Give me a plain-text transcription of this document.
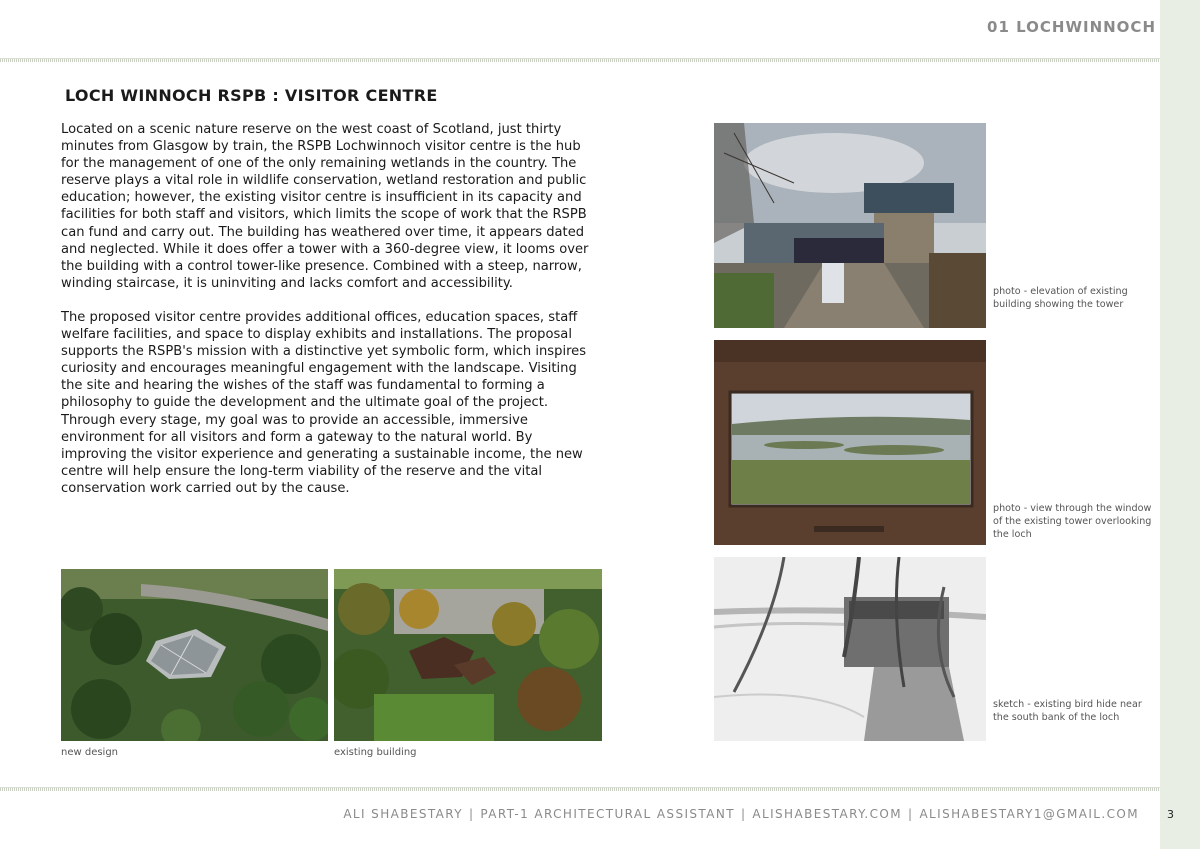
01 LOCHWINNOCH
LOCH WINNOCH RSPB : VISITOR CENTRE

Located on a scenic nature reserve on the west coast of Scotland, just thirty minutes from Glasgow by train, the RSPB Lochwinnoch visitor centre is the hub for the management of one of the only remaining wetlands in the country. The reserve plays a vital role in wildlife conservation, wetland restoration and public education; however, the existing visitor centre is insufficient in its capacity and facilities for both staff and visitors, which limits the scope of work that the RSPB can fund and carry out. The building has weathered over time, it appears dated and neglected. While it does offer a tower with a 360-degree view, it looms over the building with a control tower-like presence. Combined with a steep, narrow, winding staircase, it is uninviting and lacks comfort and accessibility.

The proposed visitor centre provides additional offices, education spaces, staff welfare facilities, and space to display exhibits and installations. The proposal supports the RSPB's mission with a distinctive yet symbolic form, which inspires curiosity and encourages meaningful engagement with the landscape. Visiting the site and hearing the wishes of the staff was fundamental to forming a philosophy to guide the development and the ultimate goal of the project. Through every stage, my goal was to provide an accessible, immersive environment for all visitors and form a gateway to the natural world. By improving the visitor experience and generating a sustainable income, the new centre will help ensure the long-term viability of the reserve and the vital conservation work carried out by the cause.

new design	existing building
photo - elevation of existing building showing the tower
photo - view through the window of the existing tower overlooking the loch
sketch - existing bird hide near the south bank of the loch
ALI SHABESTARY | PART-1 ARCHITECTURAL ASSISTANT | ALISHABESTARY.COM | ALISHABESTARY1@GMAIL.COM	3
